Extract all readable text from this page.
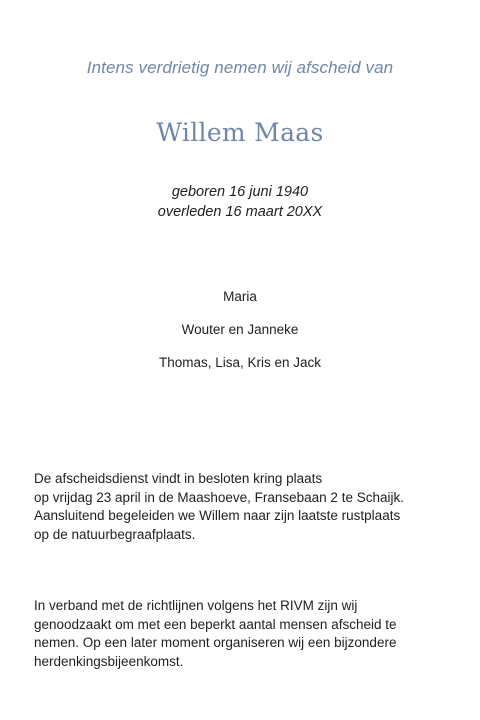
Intens verdrietig nemen wij afscheid van
Willem Maas
geboren 16 juni 1940
overleden 16 maart 20XX
Maria
Wouter en Janneke
Thomas, Lisa, Kris en Jack
De afscheidsdienst vindt in besloten kring plaats
op vrijdag 23 april in de Maashoeve, Fransebaan 2 te Schaijk.
Aansluitend begeleiden we Willem naar zijn laatste rustplaats
op de natuurbegraafplaats.
In verband met de richtlijnen volgens het RIVM zijn wij
genoodzaakt om met een beperkt aantal mensen afscheid te
nemen. Op een later moment organiseren wij een bijzondere
herdenkingsbijeenkomst.
